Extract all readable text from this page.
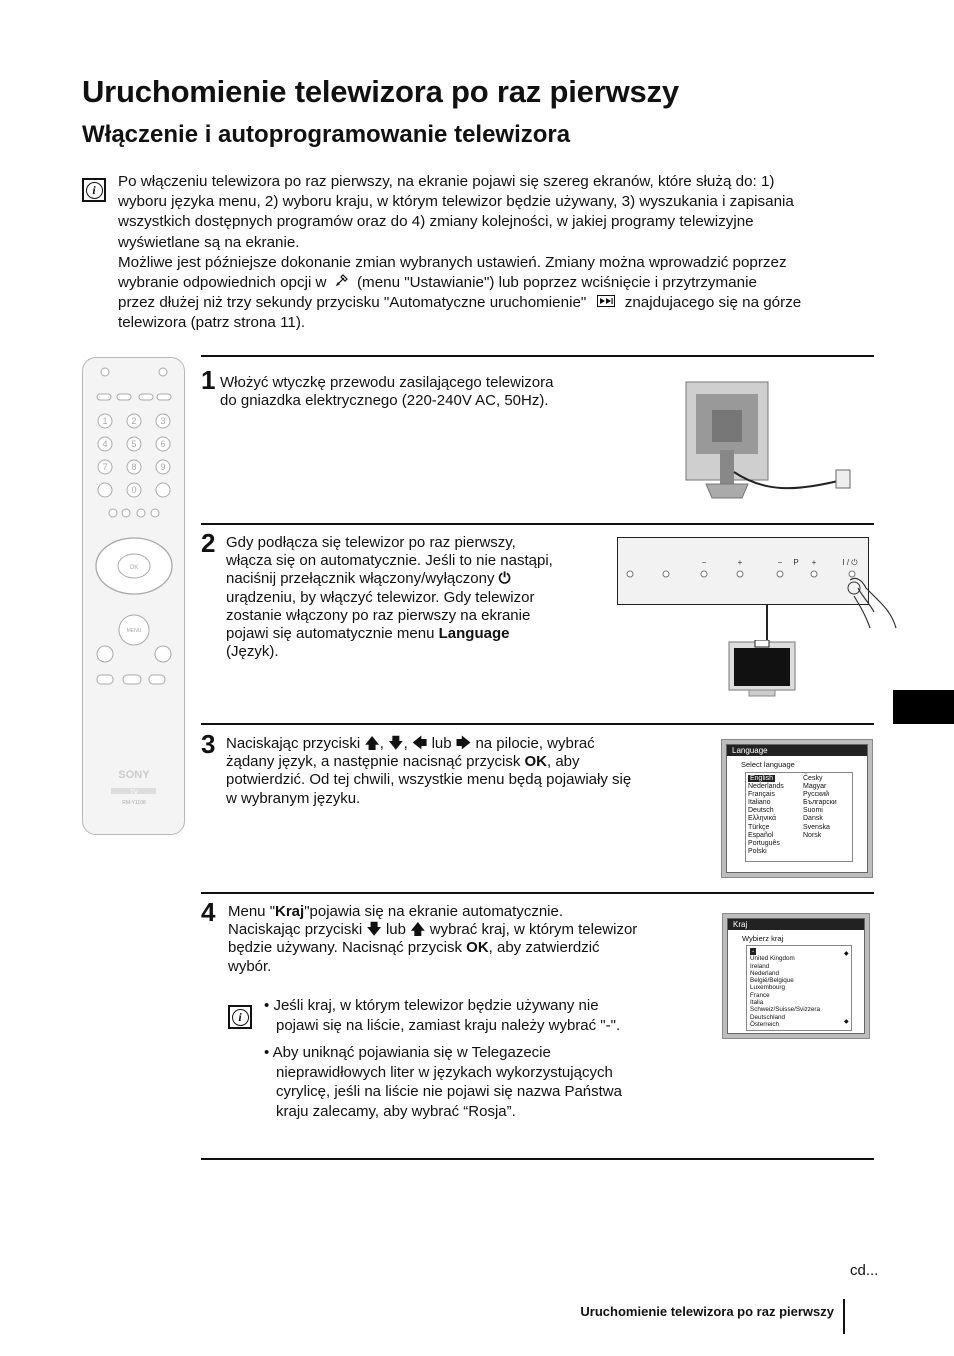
Uruchomienie telewizora po raz pierwszy
Włączenie i autoprogramowanie telewizora
i	Po włączeniu telewizora po raz pierwszy, na ekranie pojawi się szereg ekranów, które służą do: 1)
wyboru języka menu, 2) wyboru kraju, w którym telewizor będzie używany, 3) wyszukania i zapisania
wszystkich dostępnych programów oraz do 4) zmiany kolejności, w jakiej programy telewizyjne
wyświetlane są na ekranie.
Możliwe jest późniejsze dokonanie zmian wybranych ustawień. Zmiany można wprowadzić poprzez
wybranie odpowiednich opcji w (menu "Ustawianie") lub poprzez wciśnięcie i przytrzymanie
przez dłużej niż trzy sekundy przycisku "Automatyczne uruchomienie"	znajdujacego się na górze
telewizora (patrz strona 11).
1	2	3
4	5	6
7	8	9
0
OK
MENU
SONY
TV
RM-Y1108
1 Włożyć wtyczkę przewodu zasilającego telewizora
do gniazdka elektrycznego (220-240V AC, 50Hz).
2 Gdy podłącza się telewizor po raz pierwszy,
włącza się on automatycznie. Jeśli to nie nastąpi,
naciśnij przełącznik włączony/wyłączony ⏻
urądzeniu, by włączyć telewizor. Gdy telewizor
zostanie włączony po raz pierwszy na ekranie
pojawi się automatycznie menu Language
(Język).
−	+	− P +	I / ⏻
3 Naciskając przyciski 🡅, 🡇, 🡄 lub 🡆 na pilocie, wybrać
żądany język, a następnie nacisnąć przycisk OK, aby
potwierdzić. Od tej chwili, wszystkie menu będą pojawiały się
w wybranym języku.
Language
Select language
English
Nederlands
Français
Italiano
Deutsch
Ελληνικά
Türkçe
Español
Português
Polski
Česky
Magyar
Русский
Български
Suomi
Dansk
Svenska
Norsk
4 Menu "Kraj"pojawia się na ekranie automatycznie.
Naciskając przyciski 🡇 lub 🡅 wybrać kraj, w którym telewizor
będzie używany. Nacisnąć przycisk OK, aby zatwierdzić
wybór.
Kraj
Wybierz kraj
-
United Kingdom
Ireland
Nederland
België/Belgique
Luxembourg
France
Italia
Schweiz/Suisse/Svizzera
Deutschland
Österreich
◆
◆
i
• Jeśli kraj, w którym telewizor będzie używany nie
pojawi się na liście, zamiast kraju należy wybrać "-".
• Aby uniknąć pojawiania się w Telegazecie
nieprawidłowych liter w językach wykorzystujących
cyrylicę, jeśli na liście nie pojawi się nazwa Państwa
kraju zalecamy, aby wybrać “Rosja”.
cd...
Uruchomienie telewizora po raz pierwszy
